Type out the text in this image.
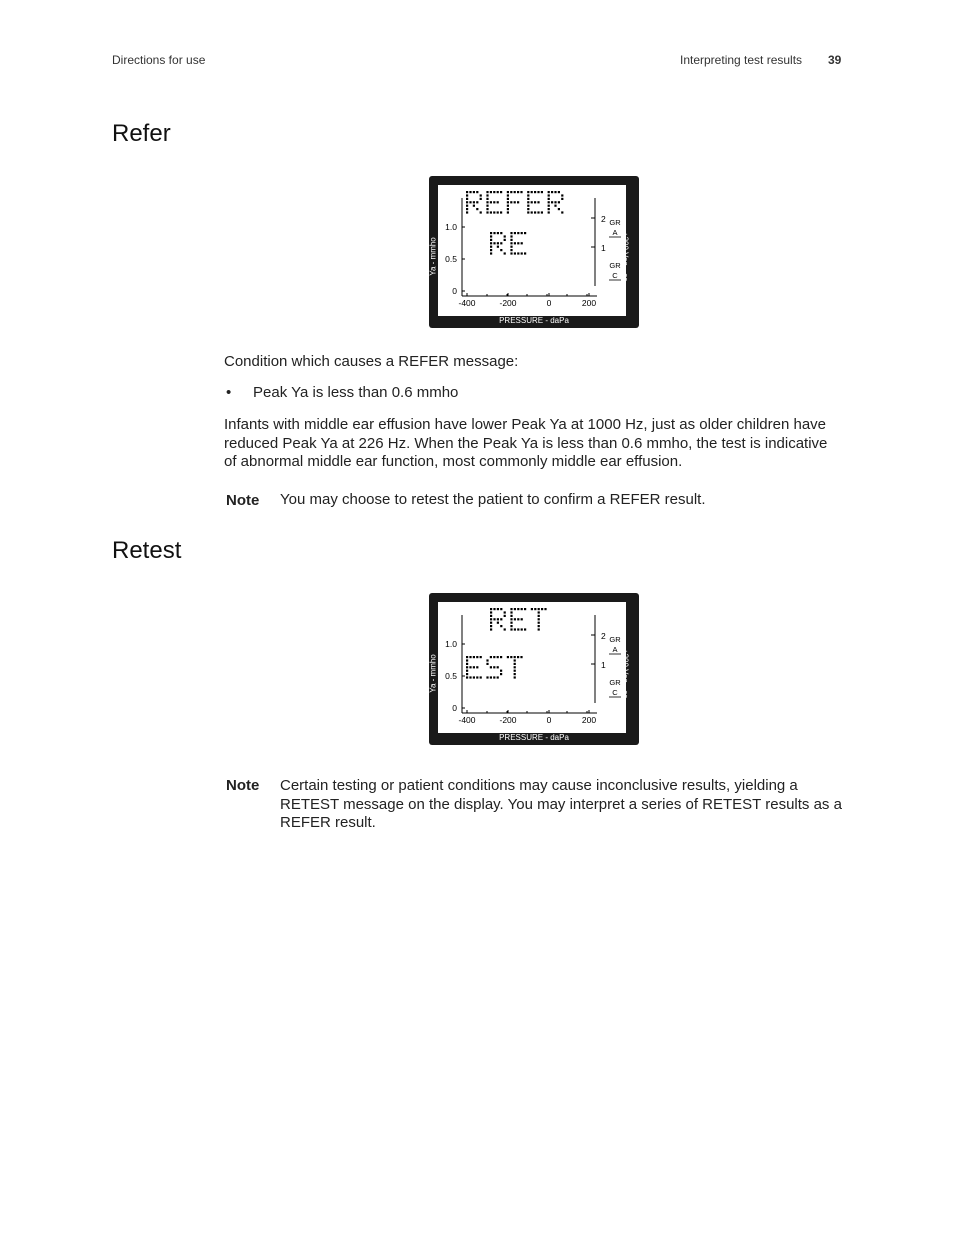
Directions for use	Interpreting test results 39
Refer
1.0
0.5
0
-400	-200	0	200
2
1
GR
A
GR
C
Ya - mmho	+200 Vea - cc
PRESSURE - daPa
Condition which causes a REFER message:
• Peak Ya is less than 0.6 mmho
Infants with middle ear effusion have lower Peak Ya at 1000 Hz, just as older children have reduced Peak Ya at 226 Hz. When the Peak Ya is less than 0.6 mmho, the test is indicative of abnormal middle ear function, most commonly middle ear effusion.
Note You may choose to retest the patient to confirm a REFER result.
Retest
1.0
0.5
0
-400	-200	0	200
2
1
GR
A
GR
C
Ya - mmho	+200 Vea - cc
PRESSURE - daPa
Note Certain testing or patient conditions may cause inconclusive results, yielding a RETEST message on the display. You may interpret a series of RETEST results as a REFER result.
